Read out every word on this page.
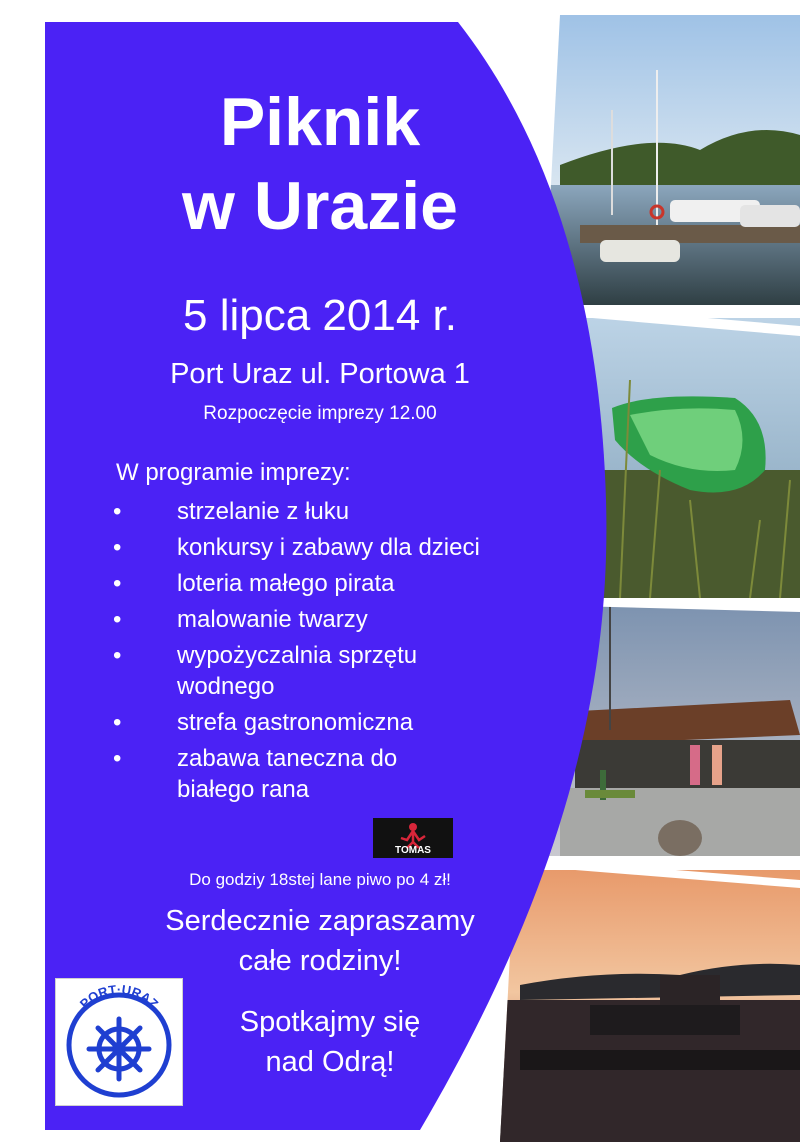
Piknik
w Urazie
5 lipca 2014 r.
Port Uraz ul. Portowa 1
Rozpoczęcie imprezy 12.00
W programie imprezy:
• strzelanie z łuku
• konkursy i zabawy dla dzieci
• loteria małego pirata
• malowanie twarzy
• wypożyczalnia sprzętu wodnego
• strefa gastronomiczna
• zabawa taneczna do białego rana
TOMAS
Do godziy 18stej lane piwo po 4 zł!
Serdecznie zapraszamy
całe rodziny!
Spotkajmy się
nad Odrą!
PORT·URAZ
